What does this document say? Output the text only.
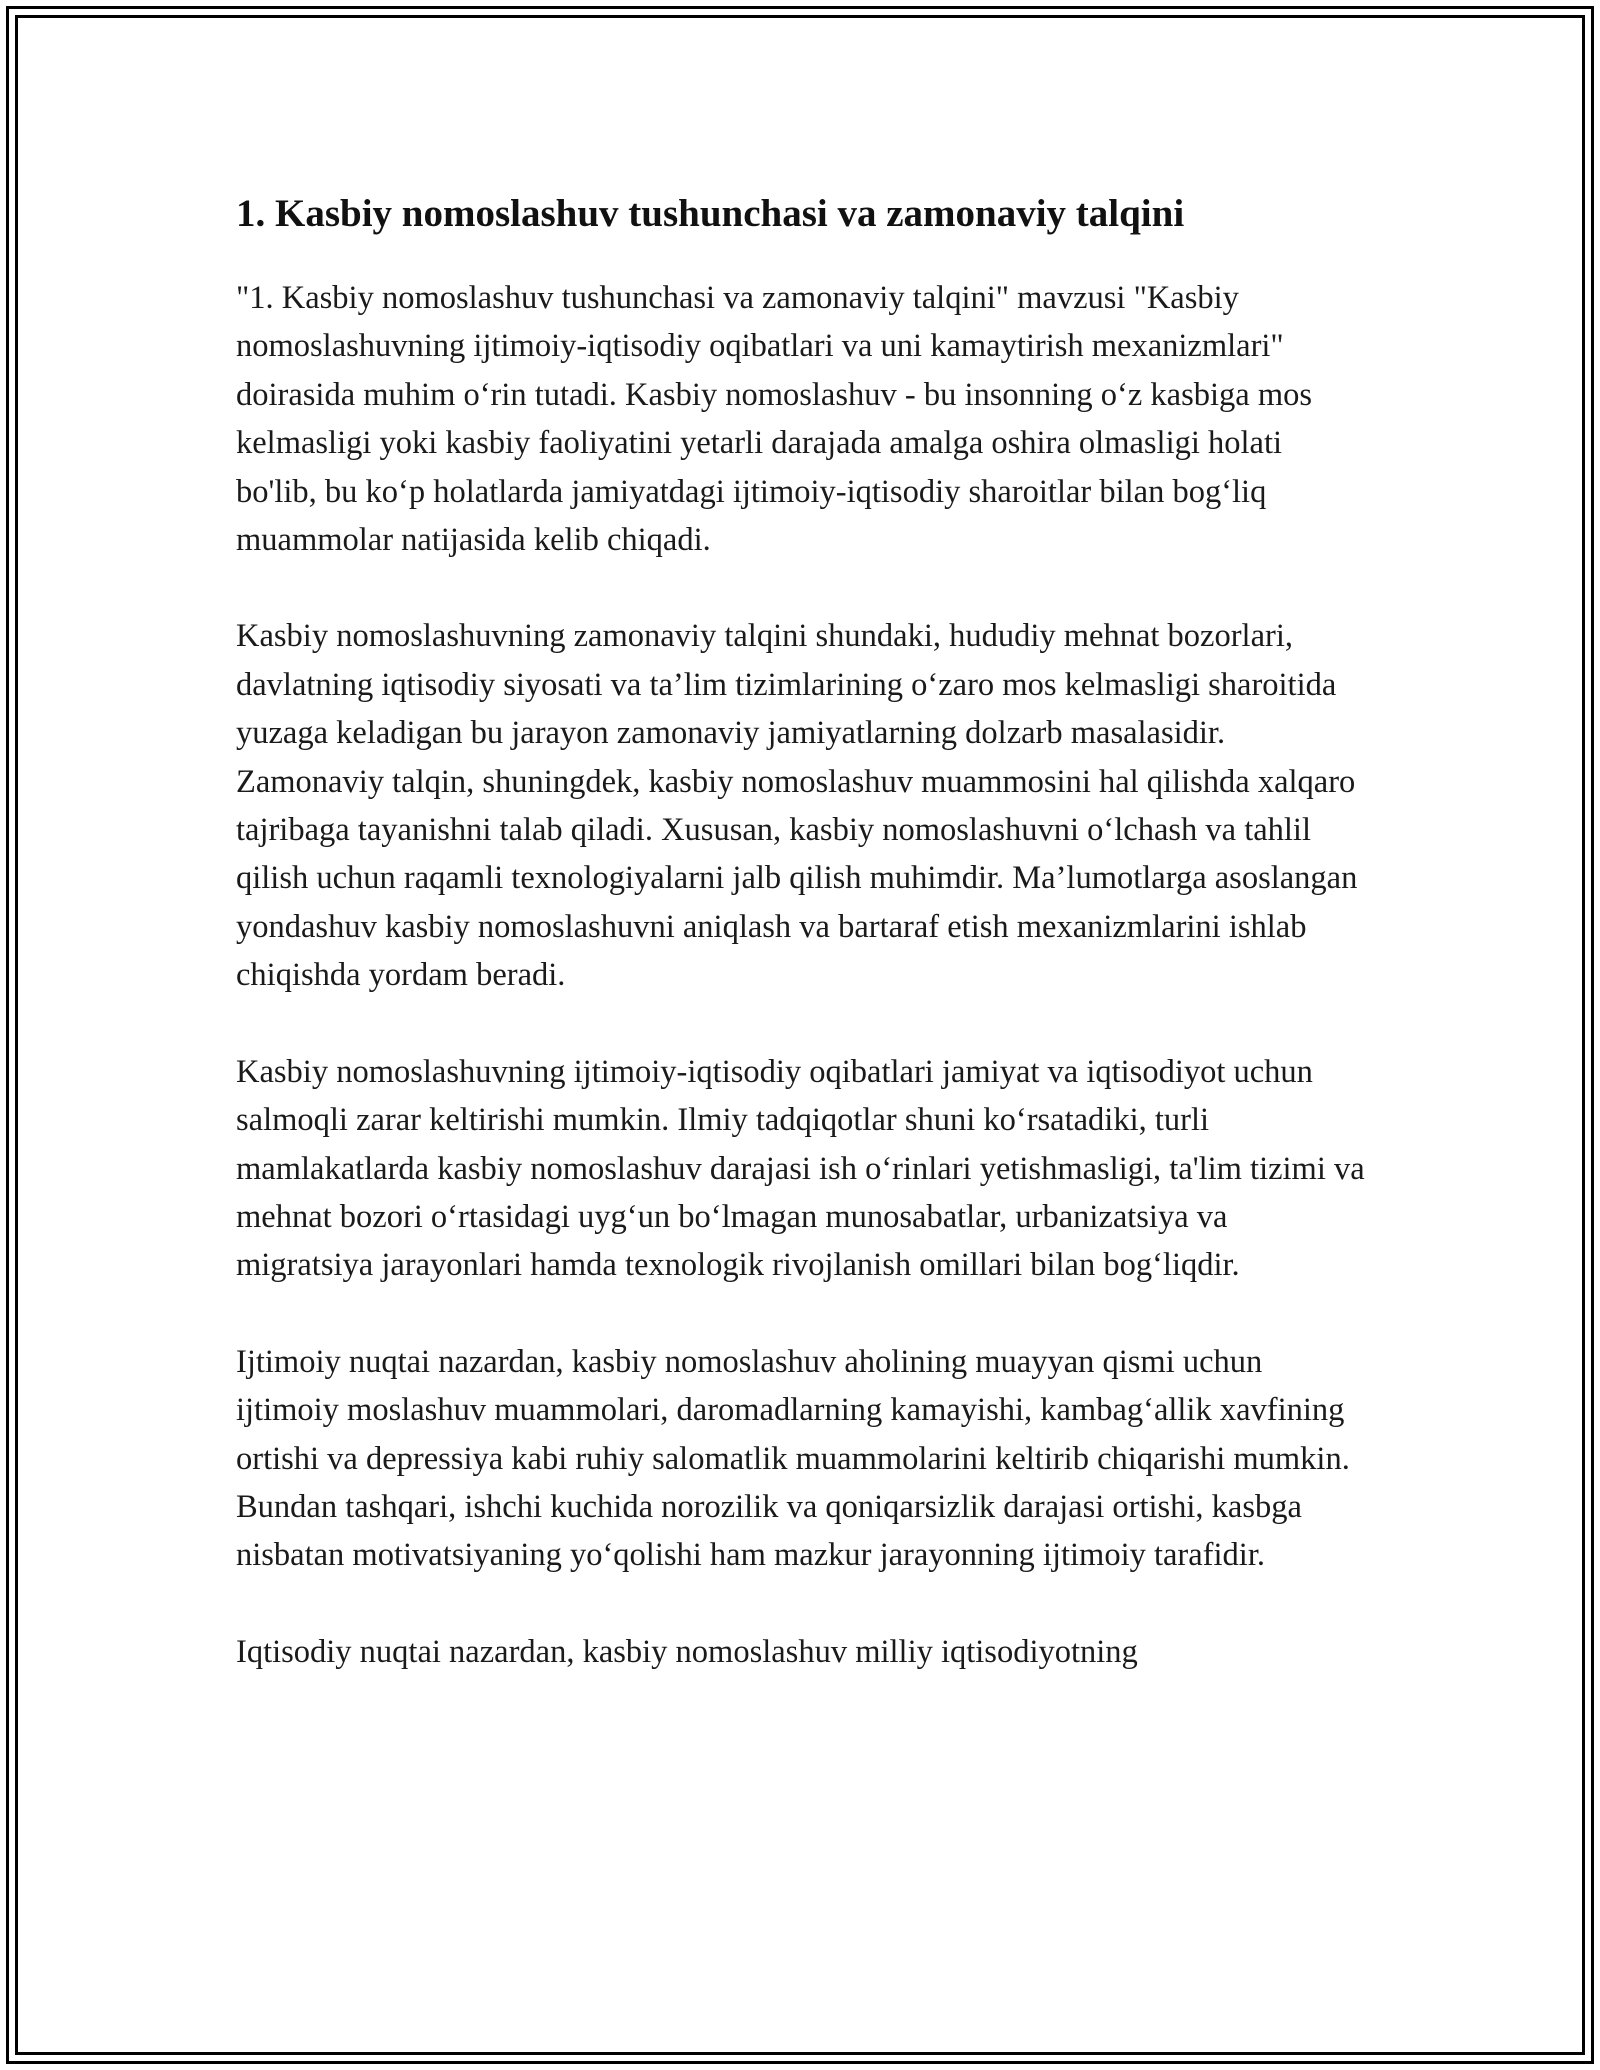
1. Kasbiy nomoslashuv tushunchasi va zamonaviy talqini

"1. Kasbiy nomoslashuv tushunchasi va zamonaviy talqini" mavzusi "Kasbiy nomoslashuvning ijtimoiy-iqtisodiy oqibatlari va uni kamaytirish mexanizmlari" doirasida muhim o‘rin tutadi. Kasbiy nomoslashuv - bu insonning o‘z kasbiga mos kelmasligi yoki kasbiy faoliyatini yetarli darajada amalga oshira olmasligi holati bo'lib, bu ko‘p holatlarda jamiyatdagi ijtimoiy-iqtisodiy sharoitlar bilan bog‘liq muammolar natijasida kelib chiqadi.

Kasbiy nomoslashuvning zamonaviy talqini shundaki, hududiy mehnat bozorlari, davlatning iqtisodiy siyosati va ta’lim tizimlarining o‘zaro mos kelmasligi sharoitida yuzaga keladigan bu jarayon zamonaviy jamiyatlarning dolzarb masalasidir. Zamonaviy talqin, shuningdek, kasbiy nomoslashuv muammosini hal qilishda xalqaro tajribaga tayanishni talab qiladi. Xususan, kasbiy nomoslashuvni o‘lchash va tahlil qilish uchun raqamli texnologiyalarni jalb qilish muhimdir. Ma’lumotlarga asoslangan yondashuv kasbiy nomoslashuvni aniqlash va bartaraf etish mexanizmlarini ishlab chiqishda yordam beradi.

Kasbiy nomoslashuvning ijtimoiy-iqtisodiy oqibatlari jamiyat va iqtisodiyot uchun salmoqli zarar keltirishi mumkin. Ilmiy tadqiqotlar shuni ko‘rsatadiki, turli mamlakatlarda kasbiy nomoslashuv darajasi ish o‘rinlari yetishmasligi, ta'lim tizimi va mehnat bozori o‘rtasidagi uyg‘un bo‘lmagan munosabatlar, urbanizatsiya va migratsiya jarayonlari hamda texnologik rivojlanish omillari bilan bog‘liqdir.

Ijtimoiy nuqtai nazardan, kasbiy nomoslashuv aholining muayyan qismi uchun ijtimoiy moslashuv muammolari, daromadlarning kamayishi, kambag‘allik xavfining ortishi va depressiya kabi ruhiy salomatlik muammolarini keltirib chiqarishi mumkin. Bundan tashqari, ishchi kuchida norozilik va qoniqarsizlik darajasi ortishi, kasbga nisbatan motivatsiyaning yo‘qolishi ham mazkur jarayonning ijtimoiy tarafidir.

Iqtisodiy nuqtai nazardan, kasbiy nomoslashuv milliy iqtisodiyotning
